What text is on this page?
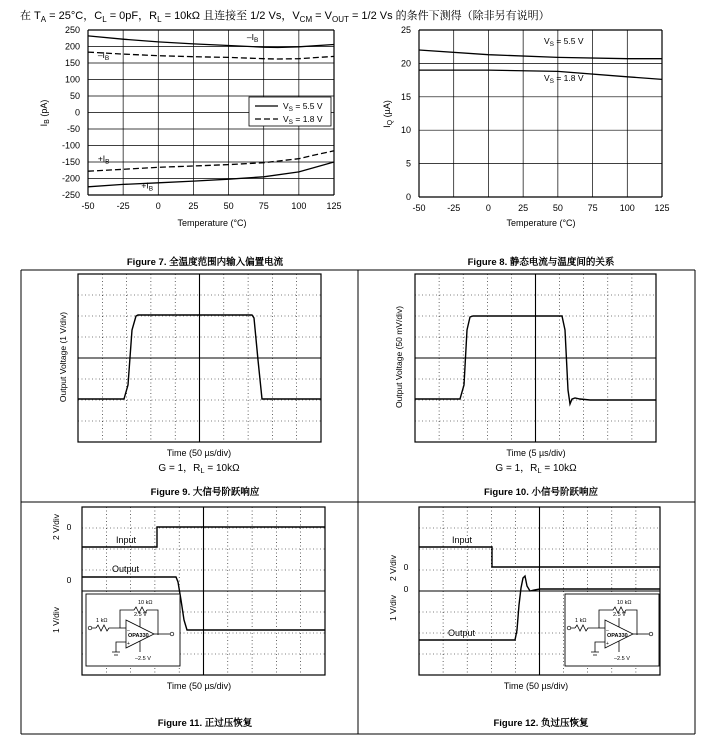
在 $T_A = 25^\circ C$，$C_L = 0pF$，$R_L = 10k\Omega$ 且连接至 1/2 Vs，$V_{CM} = V_{OUT} = 1/2$ Vs 的条件下测得（除非另有说明）
-50 -25	0	25	50	75	100 125
250
200
150
100
50
0
-50
-100
-150
-200
-250
$-I_B$
$-I_B$
$+I_B$
$+I_B$
Temperature (°C)
$I_B$ (pA)	$V_S = 5.5$ V
$V_S = 1.8$ V
Figure 7. 全温度范围内输入偏置电流
-50 -25	0	25	50	75 100 125
25
20
15
10
5
0
$V_S = 5.5$ V
$V_S = 1.8$ V
Temperature (°C)
$I_Q$ (µA)
Figure 8. 静态电流与温度间的关系
Output Voltage (1 V/div)
Time (50 µs/div)
G = 1，$R_L = 10k\Omega$
Figure 9. 大信号阶跃响应
Output Voltage (50 mV/div)
Time (5 µs/div)
G = 1，$R_L = 10k\Omega$
Figure 10. 小信号阶跃响应
Input
Output
0
2 V/div
0
1 V/div
Time (50 µs/div)
Figure 11. 正过压恢复
–
+
10 kΩ
1 kΩ
2.5 V
–2.5 V
OPA330
Input
Output
0
2 V/div
0
1 V/div
Time (50 µs/div)
Figure 12. 负过压恢复
–
+
10 kΩ
1 kΩ
2.5 V
–2.5 V
OPA330
